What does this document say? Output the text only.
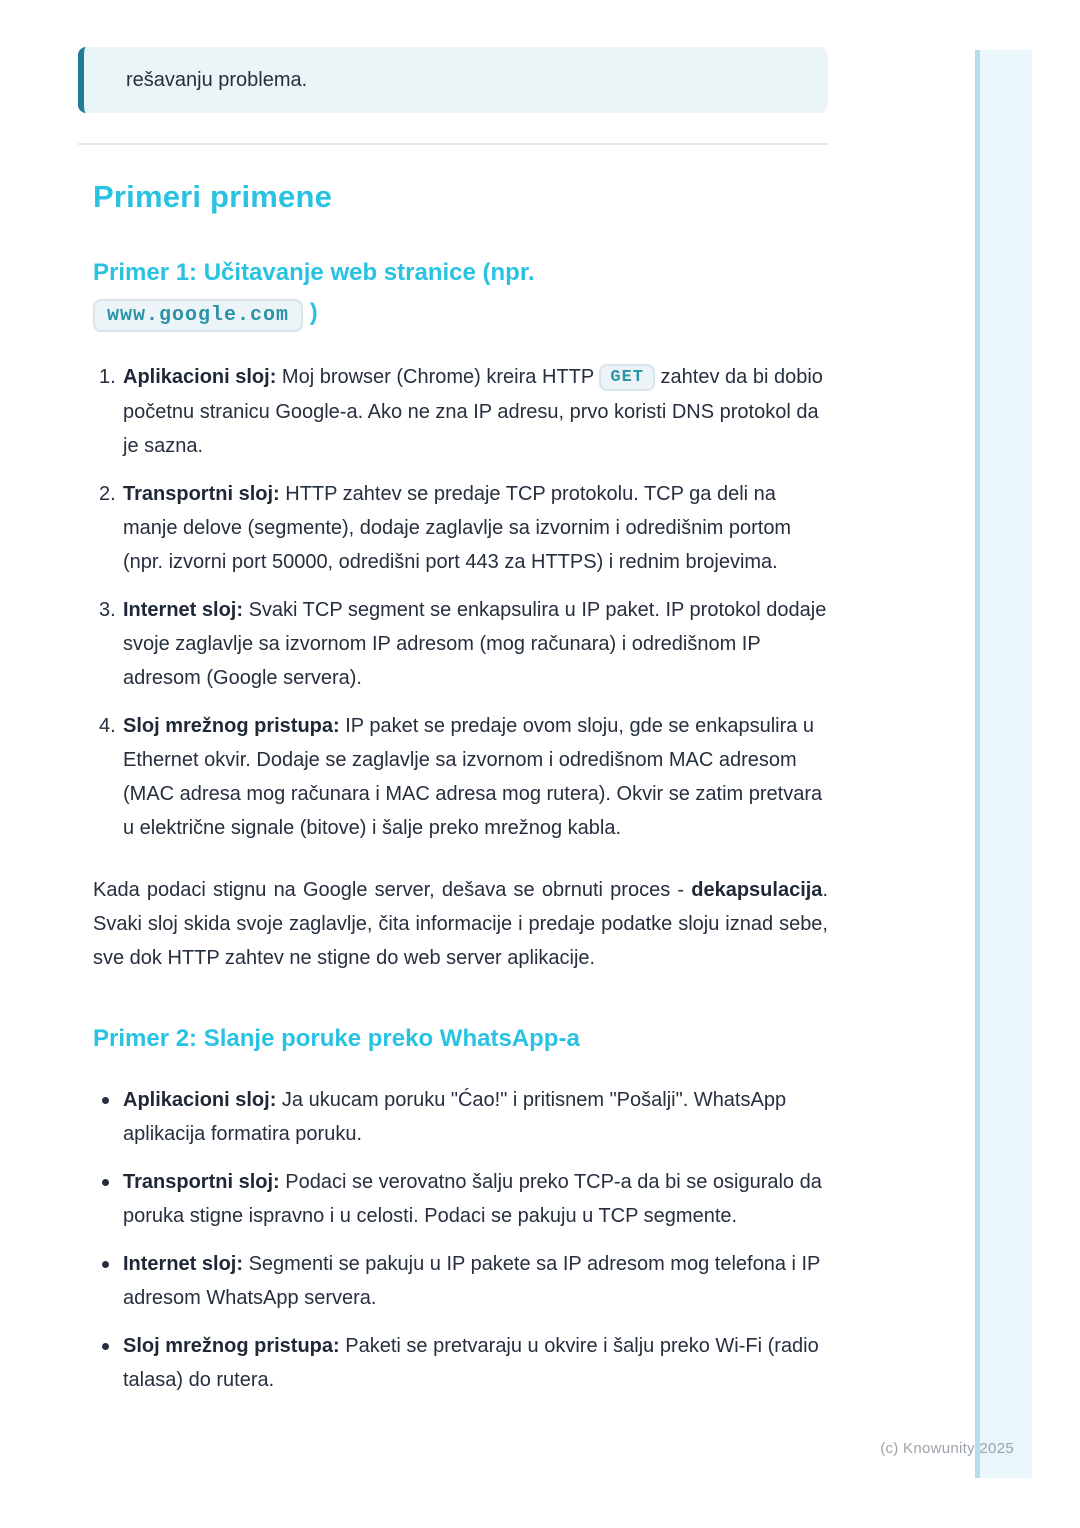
rešavanju problema.
Primeri primene
Primer 1: Učitavanje web stranice (npr.
www.google.com )
1. Aplikacioni sloj: Moj browser (Chrome) kreira HTTP GET zahtev da bi dobio početnu stranicu Google-a. Ako ne zna IP adresu, prvo koristi DNS protokol da je sazna.
2. Transportni sloj: HTTP zahtev se predaje TCP protokolu. TCP ga deli na manje delove (segmente), dodaje zaglavlje sa izvornim i odredišnim portom (npr. izvorni port 50000, odredišni port 443 za HTTPS) i rednim brojevima.
3. Internet sloj: Svaki TCP segment se enkapsulira u IP paket. IP protokol dodaje svoje zaglavlje sa izvornom IP adresom (mog računara) i odredišnom IP adresom (Google servera).
4. Sloj mrežnog pristupa: IP paket se predaje ovom sloju, gde se enkapsulira u Ethernet okvir. Dodaje se zaglavlje sa izvornom i odredišnom MAC adresom (MAC adresa mog računara i MAC adresa mog rutera). Okvir se zatim pretvara u električne signale (bitove) i šalje preko mrežnog kabla.

Kada podaci stignu na Google server, dešava se obrnuti proces - dekapsulacija. Svaki sloj skida svoje zaglavlje, čita informacije i predaje podatke sloju iznad sebe, sve dok HTTP zahtev ne stigne do web server aplikacije.

Primer 2: Slanje poruke preko WhatsApp-a
Aplikacioni sloj: Ja ukucam poruku "Ćao!" i pritisnem "Pošalji". WhatsApp aplikacija formatira poruku.
Transportni sloj: Podaci se verovatno šalju preko TCP-a da bi se osiguralo da poruka stigne ispravno i u celosti. Podaci se pakuju u TCP segmente.
Internet sloj: Segmenti se pakuju u IP pakete sa IP adresom mog telefona i IP adresom WhatsApp servera.
Sloj mrežnog pristupa: Paketi se pretvaraju u okvire i šalju preko Wi-Fi (radio talasa) do rutera.
(c) Knowunity 2025
